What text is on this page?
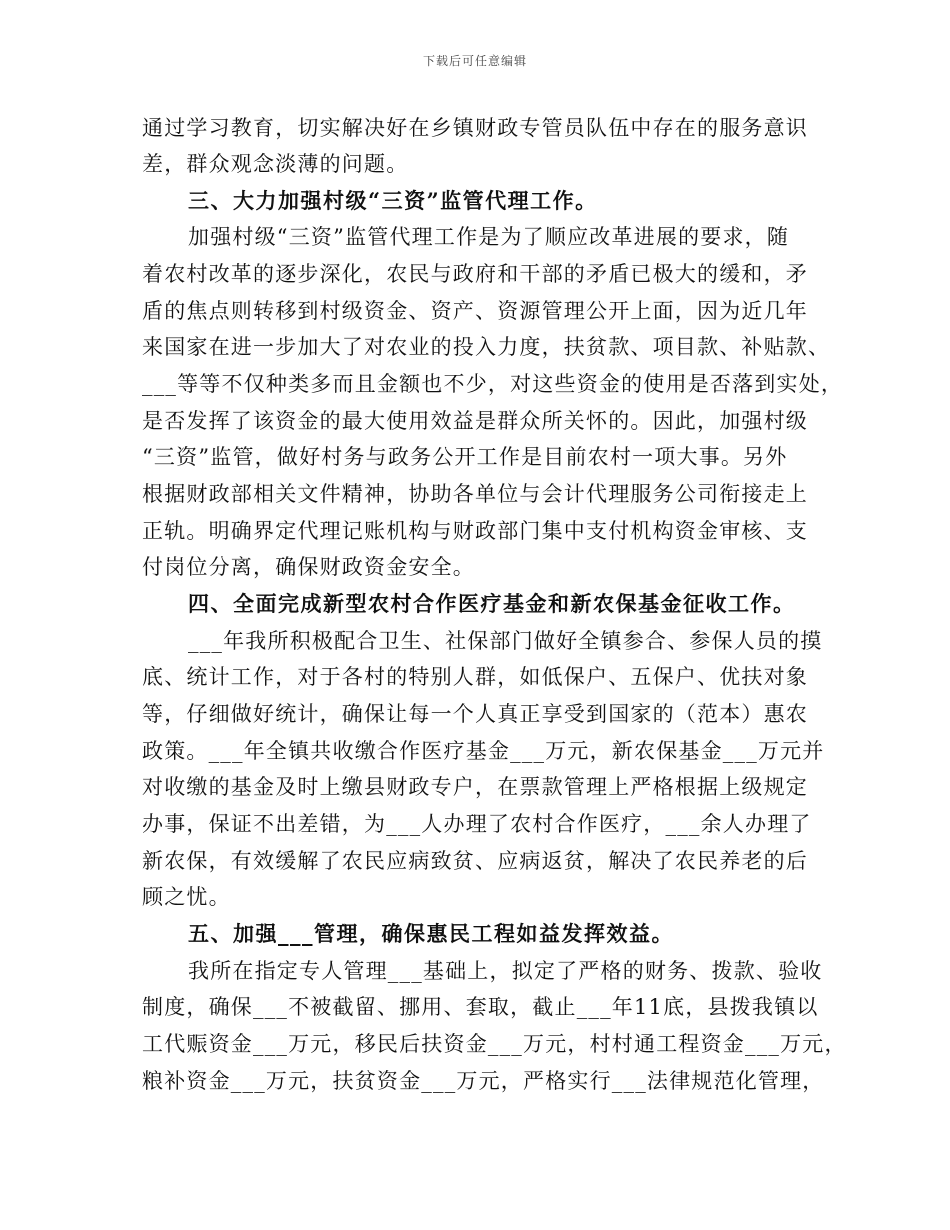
下载后可任意编辑
通过学习教育，切实解决好在乡镇财政专管员队伍中存在的服务意识
差，群众观念淡薄的问题。
三、大力加强村级“三资”监管代理工作。
加强村级“三资”监管代理工作是为了顺应改革进展的要求，随
着农村改革的逐步深化，农民与政府和干部的矛盾已极大的缓和，矛
盾的焦点则转移到村级资金、资产、资源管理公开上面，因为近几年
来国家在进一步加大了对农业的投入力度，扶贫款、项目款、补贴款、
___等等不仅种类多而且金额也不少，对这些资金的使用是否落到实处，
是否发挥了该资金的最大使用效益是群众所关怀的。因此，加强村级
“三资”监管，做好村务与政务公开工作是目前农村一项大事。另外
根据财政部相关文件精神，协助各单位与会计代理服务公司衔接走上
正轨。明确界定代理记账机构与财政部门集中支付机构资金审核、支
付岗位分离，确保财政资金安全。
四、全面完成新型农村合作医疗基金和新农保基金征收工作。
___年我所积极配合卫生、社保部门做好全镇参合、参保人员的摸
底、统计工作，对于各村的特别人群，如低保户、五保户、优扶对象
等，仔细做好统计，确保让每一个人真正享受到国家的（范本）惠农
政策。___年全镇共收缴合作医疗基金___万元，新农保基金___万元并
对收缴的基金及时上缴县财政专户，在票款管理上严格根据上级规定
办事，保证不出差错，为___人办理了农村合作医疗，___余人办理了
新农保，有效缓解了农民应病致贫、应病返贫，解决了农民养老的后
顾之忧。
五、加强___管理，确保惠民工程如益发挥效益。
我所在指定专人管理___基础上，拟定了严格的财务、拨款、验收
制度，确保___不被截留、挪用、套取，截止___年11底，县拨我镇以
工代赈资金___万元，移民后扶资金___万元，村村通工程资金___万元，
粮补资金___万元，扶贫资金___万元，严格实行___法律规范化管理，
